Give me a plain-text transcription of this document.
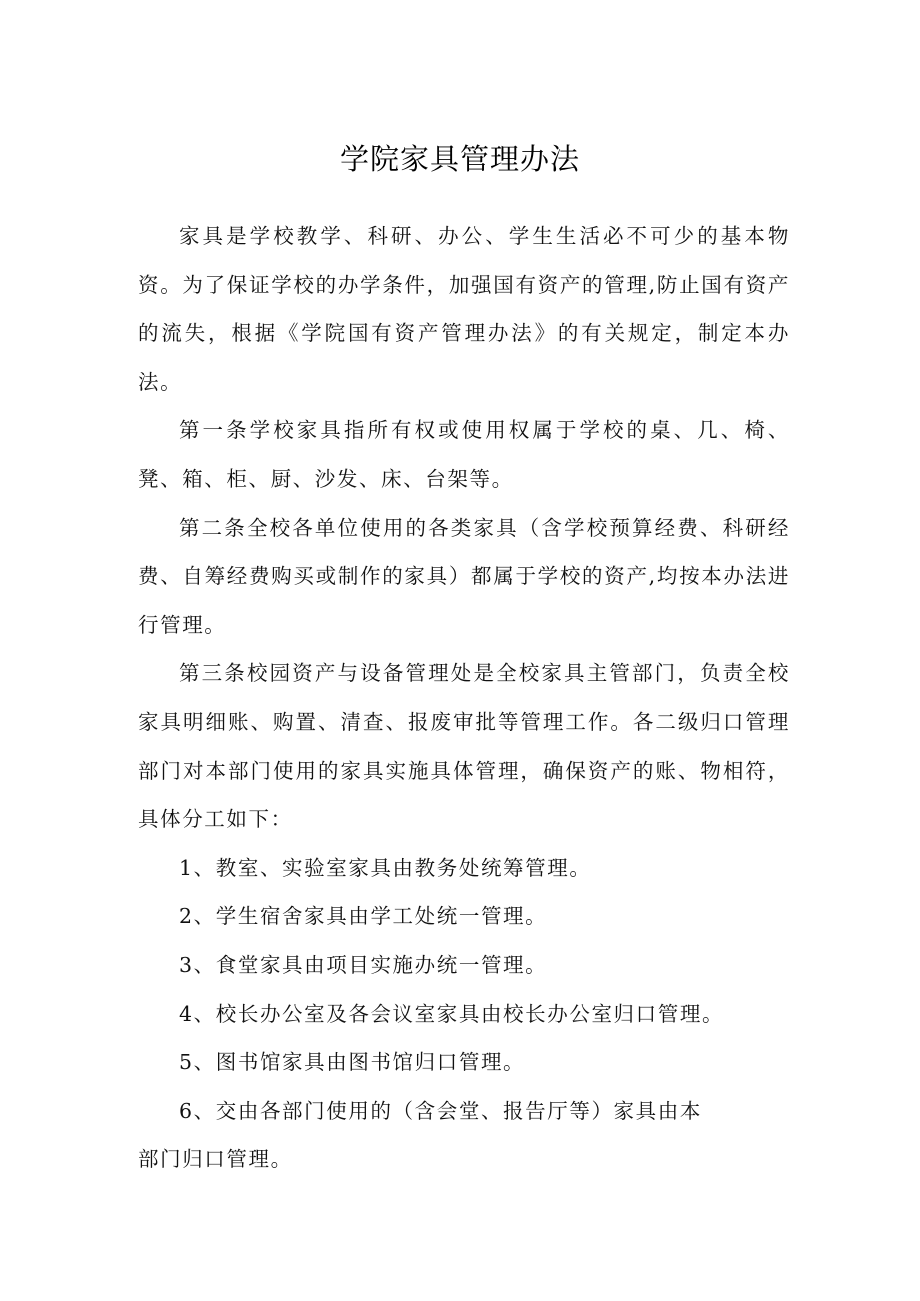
学院家具管理办法

家具是学校教学、科研、办公、学生生活必不可少的基本物资。为了保证学校的办学条件，加强国有资产的管理,防止国有资产的流失，根据《学院国有资产管理办法》的有关规定，制定本办法。

第一条学校家具指所有权或使用权属于学校的桌、几、椅、凳、箱、柜、厨、沙发、床、台架等。

第二条全校各单位使用的各类家具（含学校预算经费、科研经费、自筹经费购买或制作的家具）都属于学校的资产,均按本办法进行管理。

第三条校园资产与设备管理处是全校家具主管部门，负责全校家具明细账、购置、清查、报废审批等管理工作。各二级归口管理部门对本部门使用的家具实施具体管理，确保资产的账、物相符，具体分工如下：

1、教室、实验室家具由教务处统筹管理。

2、学生宿舍家具由学工处统一管理。

3、食堂家具由项目实施办统一管理。

4、校长办公室及各会议室家具由校长办公室归口管理。

5、图书馆家具由图书馆归口管理。

6、交由各部门使用的（含会堂、报告厅等）家具由本
部门归口管理。
